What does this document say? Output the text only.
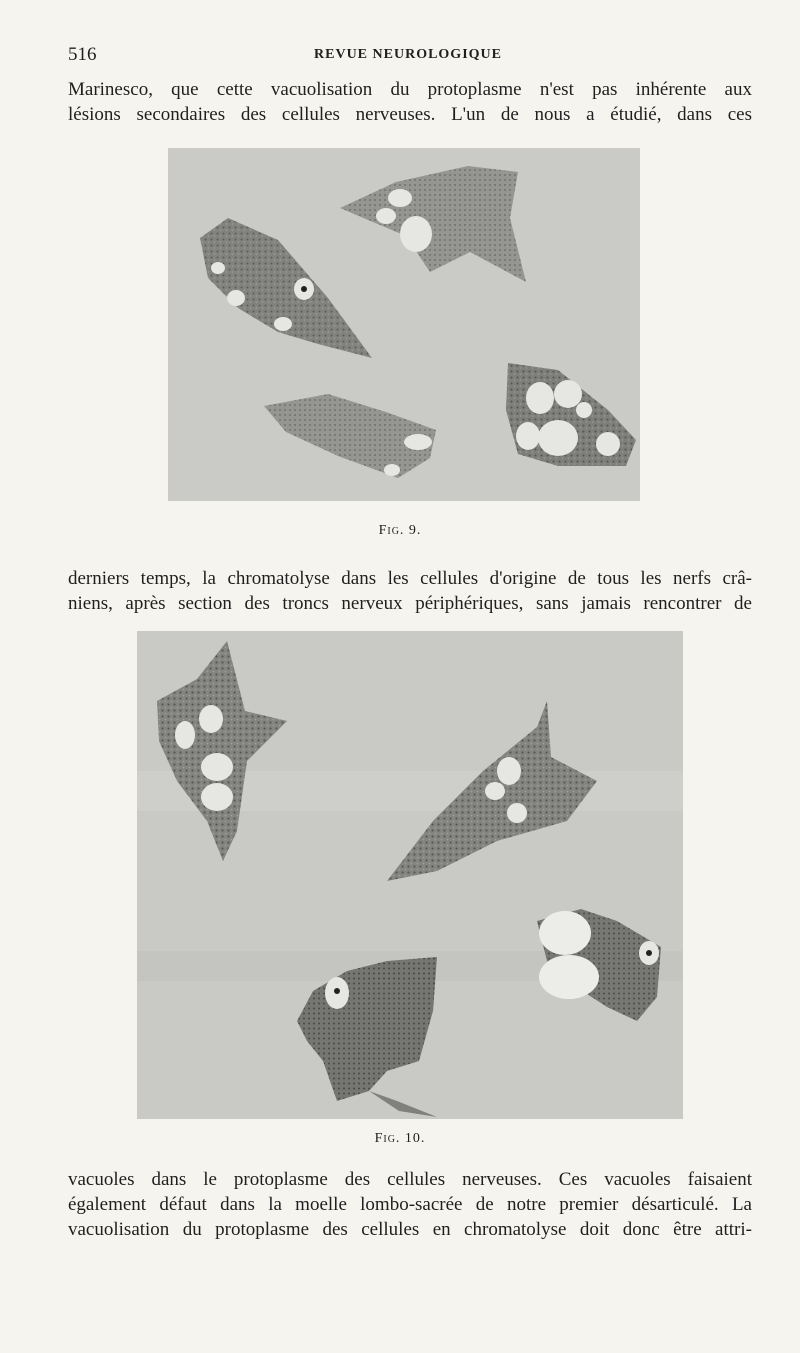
516	REVUE NEUROLOGIQUE
Marinesco, que cette vacuolisation du protoplasme n'est pas inhérente aux
lésions secondaires des cellules nerveuses. L'un de nous a étudié, dans ces
Fig. 9.
derniers temps, la chromatolyse dans les cellules d'origine de tous les nerfs crâ-
niens, après section des troncs nerveux périphériques, sans jamais rencontrer de
Fig. 10.
vacuoles dans le protoplasme des cellules nerveuses. Ces vacuoles faisaient
également défaut dans la moelle lombo-sacrée de notre premier désarticulé. La
vacuolisation du protoplasme des cellules en chromatolyse doit donc être attri-
